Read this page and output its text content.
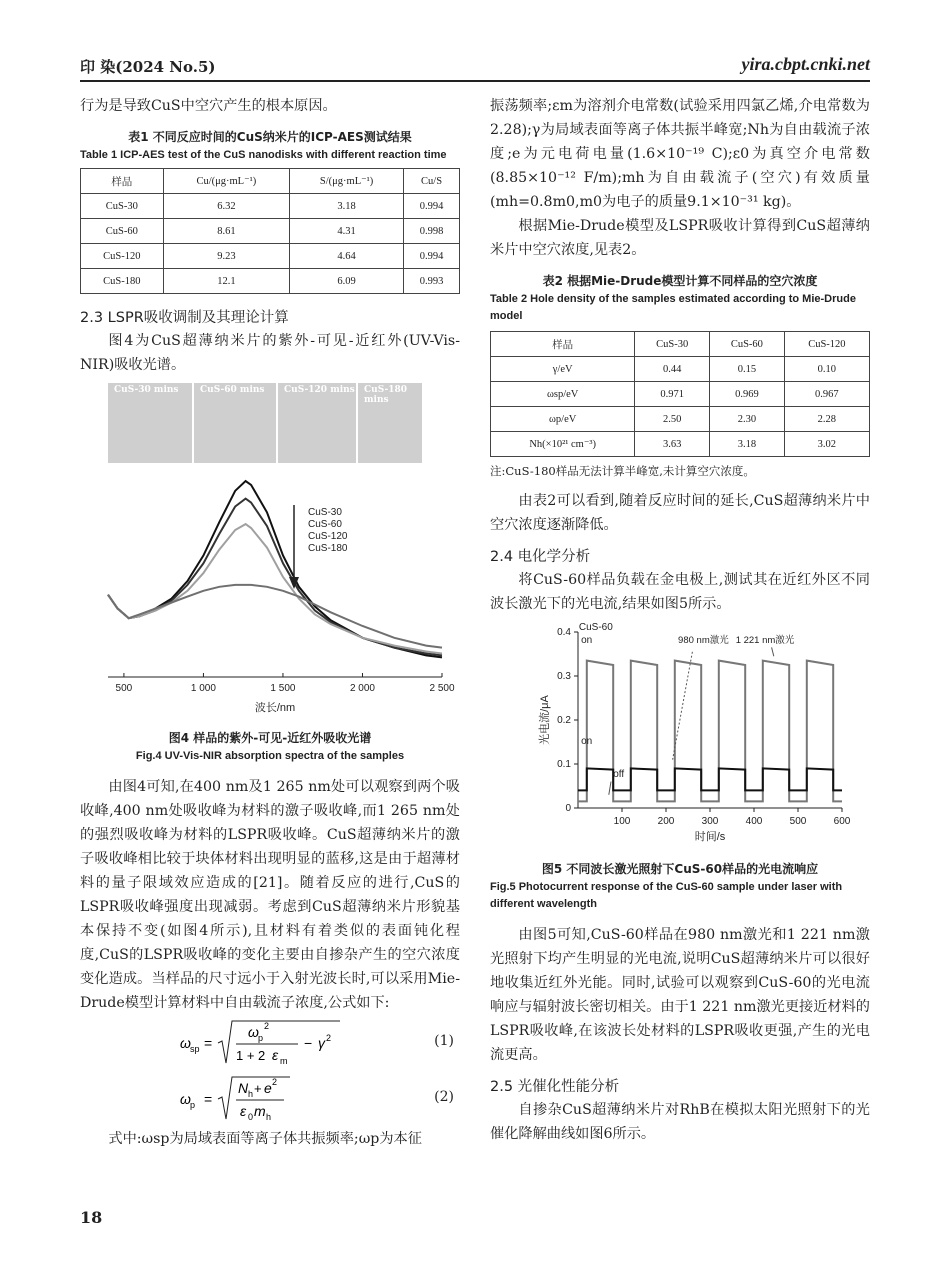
印 染(2024 No.5)	yira.cbpt.cnki.net

行为是导致CuS中空穴产生的根本原因。

表1 不同反应时间的CuS纳米片的ICP-AES测试结果
Table 1 ICP-AES test of the CuS nanodisks with different reaction time
样品	Cu/(μg·mL⁻¹)	S/(μg·mL⁻¹)	Cu/S
CuS-30	6.32	3.18	0.994
CuS-60	8.61	4.31	0.998
CuS-120	9.23	4.64	0.994
CuS-180	12.1	6.09	0.993
2.3 LSPR吸收调制及其理论计算

图4为CuS超薄纳米片的紫外-可见-近红外(UV-Vis-NIR)吸收光谱。

CuS-30 mins CuS-60 mins CuS-120 mins CuS-180 mins
500	1 000	1 500	2 000	2 500
波长/nm
CuS-30
CuS-60
CuS-120
CuS-180
图4 样品的紫外-可见-近红外吸收光谱
Fig.4 UV-Vis-NIR absorption spectra of the samples

由图4可知,在400 nm及1 265 nm处可以观察到两个吸收峰,400 nm处吸收峰为材料的激子吸收峰,而1 265 nm处的强烈吸收峰为材料的LSPR吸收峰。CuS超薄纳米片的激子吸收峰相比较于块体材料出现明显的蓝移,这是由于超薄材料的量子限域效应造成的[21]。随着反应的进行,CuS的LSPR吸收峰强度出现减弱。考虑到CuS超薄纳米片形貌基本保持不变(如图4所示),且材料有着类似的表面钝化程度,CuS的LSPR吸收峰的变化主要由自掺杂产生的空穴浓度变化造成。当样品的尺寸远小于入射光波长时,可以采用Mie-Drude模型计算材料中自由载流子浓度,公式如下:

ω sp =
ω p
2
1 + 2 ε m
− γ 2	(1)
ω p =
N h + e 2
ε 0 m h
(2)

式中:ωsp为局域表面等离子体共振频率;ωp为本征

振荡频率;εm为溶剂介电常数(试验采用四氯乙烯,介电常数为2.28);γ为局域表面等离子体共振半峰宽;Nh为自由载流子浓度;e为元电荷电量(1.6×10⁻¹⁹ C);ε0为真空介电常数(8.85×10⁻¹² F/m);mh为自由载流子(空穴)有效质量(mh=0.8m0,m0为电子的质量9.1×10⁻³¹ kg)。

根据Mie-Drude模型及LSPR吸收计算得到CuS超薄纳米片中空穴浓度,见表2。

表2 根据Mie-Drude模型计算不同样品的空穴浓度
Table 2 Hole density of the samples estimated according to Mie-Drude model
样品	CuS-30	CuS-60	CuS-120
γ/eV	0.44	0.15	0.10
ωsp/eV	0.971	0.969	0.967
ωp/eV	2.50	2.30	2.28
Nh(×10²¹ cm⁻³)	3.63	3.18	3.02
注:CuS-180样品无法计算半峰宽,未计算空穴浓度。

由表2可以看到,随着反应时间的延长,CuS超薄纳米片中空穴浓度逐渐降低。

2.4 电化学分析

将CuS-60样品负载在金电极上,测试其在近红外区不同波长激光下的光电流,结果如图5所示。

100	200	300	400	500	600
0
0.1
0.2
0.3
0.4
时间/s
光电流/μA
CuS-60
on
on
off
980 nm激光 1 221 nm激光
图5 不同波长激光照射下CuS-60样品的光电流响应
Fig.5 Photocurrent response of the CuS-60 sample under laser with different wavelength

由图5可知,CuS-60样品在980 nm激光和1 221 nm激光照射下均产生明显的光电流,说明CuS超薄纳米片可以很好地收集近红外光能。同时,试验可以观察到CuS-60的光电流响应与辐射波长密切相关。由于1 221 nm激光更接近材料的LSPR吸收峰,在该波长处材料的LSPR吸收更强,产生的光电流更高。

2.5 光催化性能分析

自掺杂CuS超薄纳米片对RhB在模拟太阳光照射下的光催化降解曲线如图6所示。

18
